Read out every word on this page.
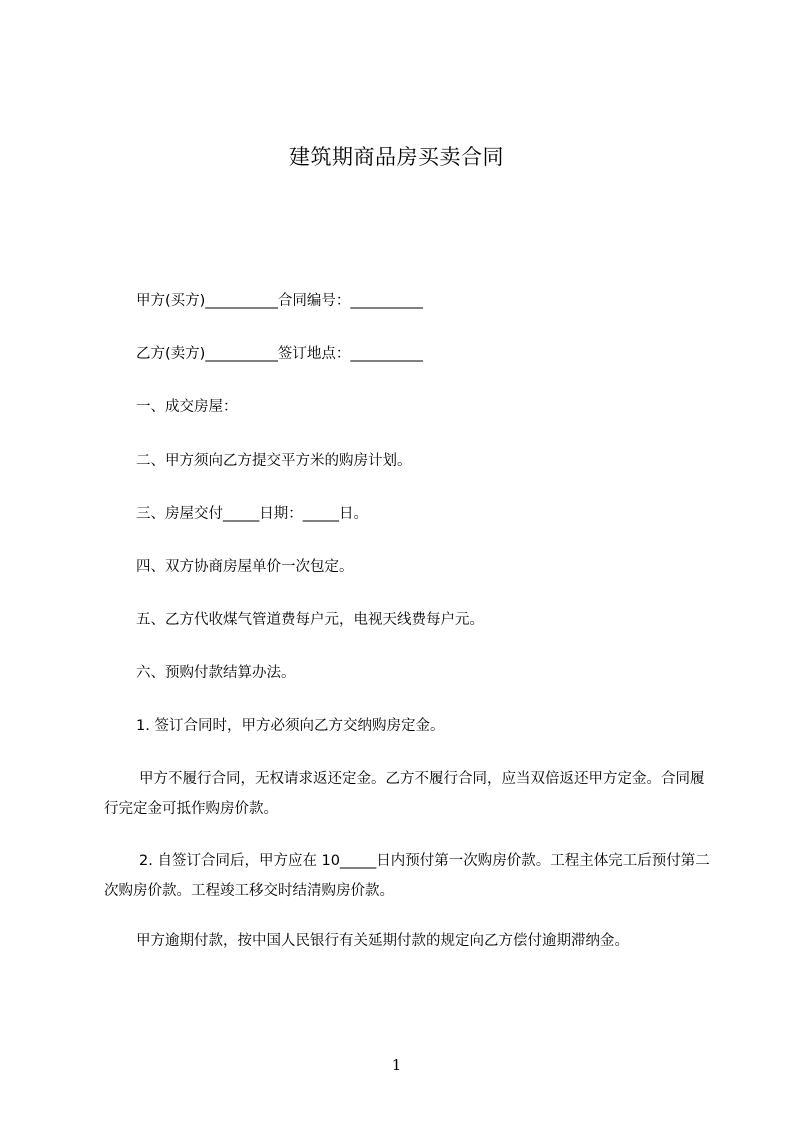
建筑期商品房买卖合同
甲方(买方)__________合同编号：__________
乙方(卖方)__________签订地点：__________
一、成交房屋：
二、甲方须向乙方提交平方米的购房计划。
三、房屋交付_____日期：_____日。
四、双方协商房屋单价一次包定。
五、乙方代收煤气管道费每户元，电视天线费每户元。
六、预购付款结算办法。
1. 签订合同时，甲方必须向乙方交纳购房定金。
甲方不履行合同，无权请求返还定金。乙方不履行合同，应当双倍返还甲方定金。合同履行完定金可抵作购房价款。
2. 自签订合同后，甲方应在 10_____日内预付第一次购房价款。工程主体完工后预付第二次购房价款。工程竣工移交时结清购房价款。
甲方逾期付款，按中国人民银行有关延期付款的规定向乙方偿付逾期滞纳金。
1
